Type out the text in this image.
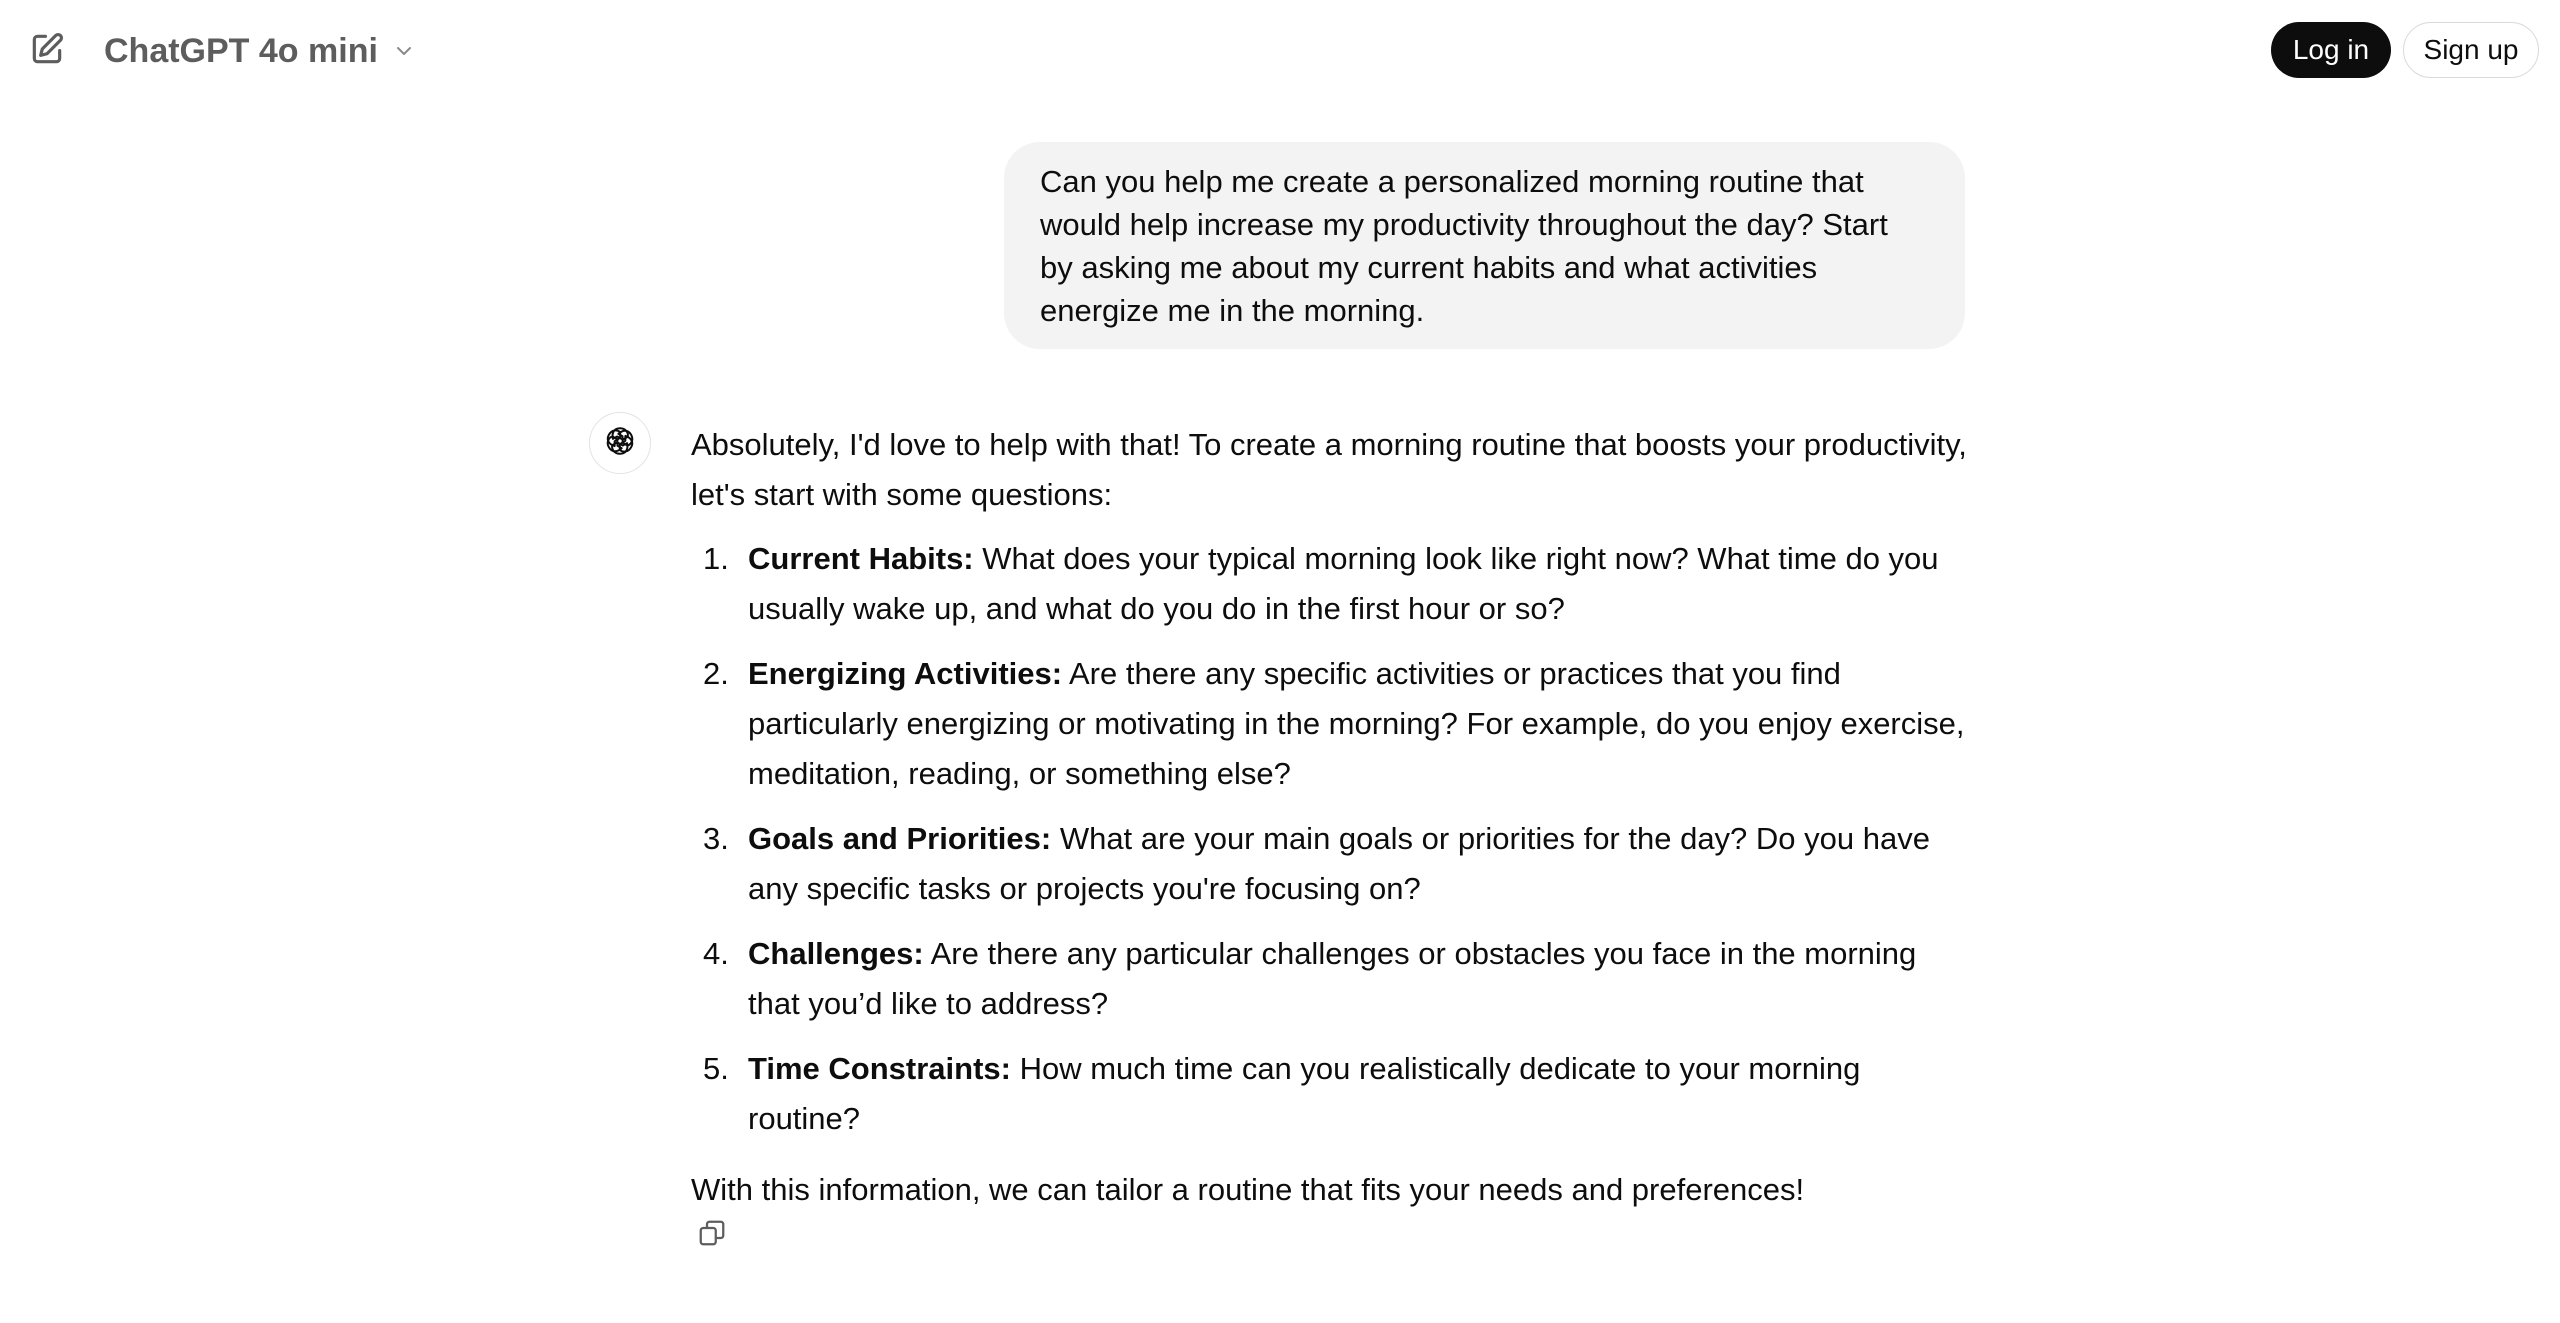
ChatGPT 4o mini	Log in	Sign up
Can you help me create a personalized morning routine that would help increase my productivity throughout the day? Start by asking me about my current habits and what activities energize me in the morning.

Absolutely, I'd love to help with that! To create a morning routine that boosts your productivity, let's start with some questions:

1. Current Habits: What does your typical morning look like right now? What time do you usually wake up, and what do you do in the first hour or so?
2. Energizing Activities: Are there any specific activities or practices that you find particularly energizing or motivating in the morning? For example, do you enjoy exercise, meditation, reading, or something else?
3. Goals and Priorities: What are your main goals or priorities for the day? Do you have any specific tasks or projects you're focusing on?
4. Challenges: Are there any particular challenges or obstacles you face in the morning that you’d like to address?
5. Time Constraints: How much time can you realistically dedicate to your morning routine?

With this information, we can tailor a routine that fits your needs and preferences!
